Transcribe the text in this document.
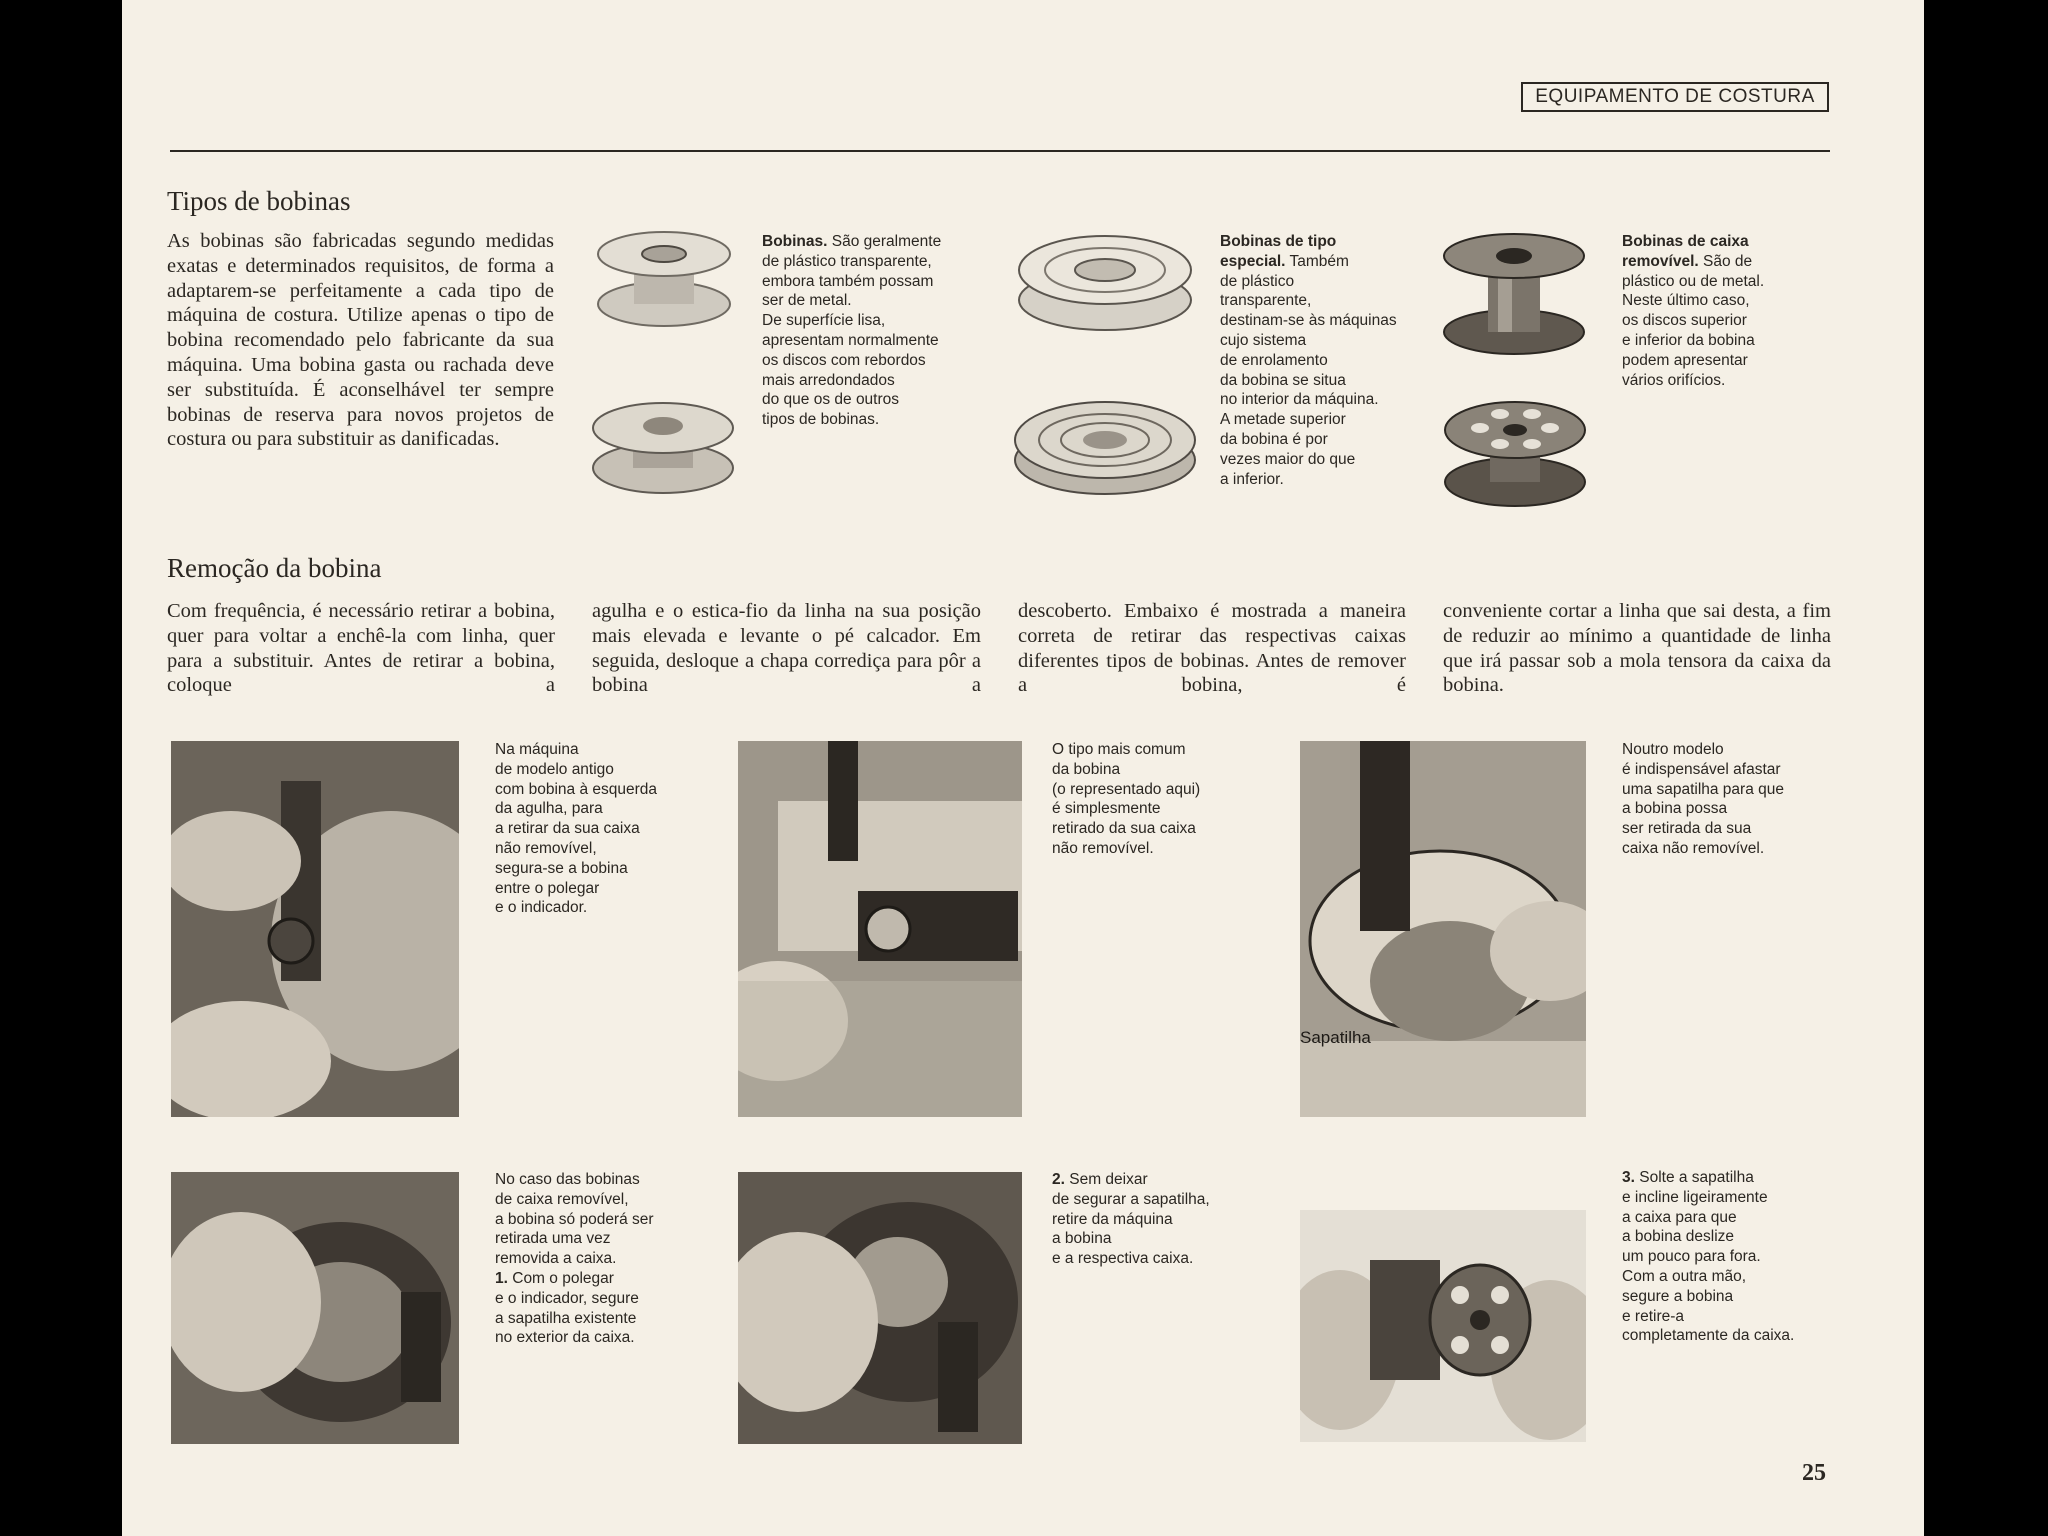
EQUIPAMENTO DE COSTURA
Tipos de bobinas
As bobinas são fabricadas segundo medidas exatas e determinados requisitos, de forma a adaptarem-se perfeitamente a cada tipo de máquina de costura. Utilize apenas o tipo de bobina recomendado pelo fabricante da sua máquina. Uma bobina gasta ou rachada deve ser substituída. É aconselhável ter sempre bobinas de reserva para novos projetos de costura ou para substituir as danificadas.
Bobinas. São geralmente
de plástico transparente,
embora também possam
ser de metal.
De superfície lisa,
apresentam normalmente
os discos com rebordos
mais arredondados
do que os de outros
tipos de bobinas.
Bobinas de tipo
especial. Também
de plástico
transparente,
destinam-se às máquinas
cujo sistema
de enrolamento
da bobina se situa
no interior da máquina.
A metade superior
da bobina é por
vezes maior do que
a inferior.
Bobinas de caixa
removível. São de
plástico ou de metal.
Neste último caso,
os discos superior
e inferior da bobina
podem apresentar
vários orifícios.
Remoção da bobina
Com frequência, é necessário retirar a bobina, quer para voltar a enchê-la com linha, quer para a substituir. Antes de retirar a bobina, coloque a
agulha e o estica-fio da linha na sua posição mais elevada e levante o pé calcador. Em seguida, desloque a chapa corrediça para pôr a bobina a
descoberto. Embaixo é mostrada a maneira correta de retirar das respectivas caixas diferentes tipos de bobinas. Antes de remover a bobina, é
conveniente cortar a linha que sai desta, a fim de reduzir ao mínimo a quantidade de linha que irá passar sob a mola tensora da caixa da bobina.
Na máquina
de modelo antigo
com bobina à esquerda
da agulha, para
a retirar da sua caixa
não removível,
segura-se a bobina
entre o polegar
e o indicador.
O tipo mais comum
da bobina
(o representado aqui)
é simplesmente
retirado da sua caixa
não removível.
Sapatilha
Noutro modelo
é indispensável afastar
uma sapatilha para que
a bobina possa
ser retirada da sua
caixa não removível.
No caso das bobinas
de caixa removível,
a bobina só poderá ser
retirada uma vez
removida a caixa.
1. Com o polegar
e o indicador, segure
a sapatilha existente
no exterior da caixa.
2. Sem deixar
de segurar a sapatilha,
retire da máquina
a bobina
e a respectiva caixa.
3. Solte a sapatilha
e incline ligeiramente
a caixa para que
a bobina deslize
um pouco para fora.
Com a outra mão,
segure a bobina
e retire-a
completamente da caixa.
25
